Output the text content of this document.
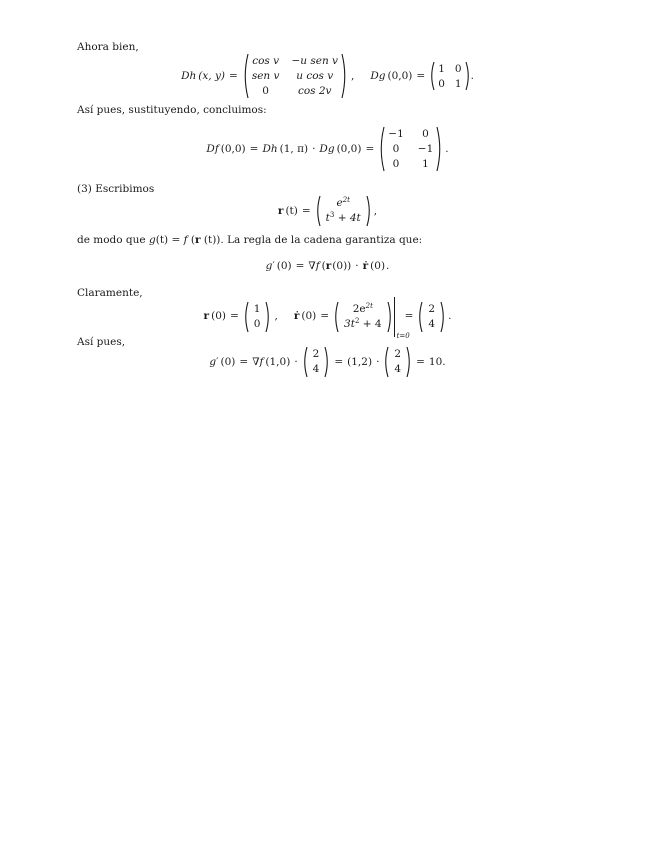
Ahora bien,
Dh (x, y) =
cos v −u sen v
sen v u cos v
0	cos 2v
, Dg (0,0) =
1 0
0 1
.
Así pues, sustituyendo, concluimos:
Df (0,0) = Dh (1, π) · Dg (0,0) =
−1 0
0 −1
0 1
.
(3) Escribimos
r (t) =
$e^{2t}$
$t^3 + 4t$
,
de modo que g(t) = f (r (t)). La regla de la cadena garantiza que:
g ′ (0) = ∇f ( r (0) ) · ṙ (0) .
Claramente,
r (0) =
1
0
, ṙ (0) =
$2e^{2t}$
$3t^2 + 4$
t=0
=
2
4
.
Así pues,
g ′ (0) = ∇f (1,0) ·
2
4
= (1,2) ·
2
4
= 10.
